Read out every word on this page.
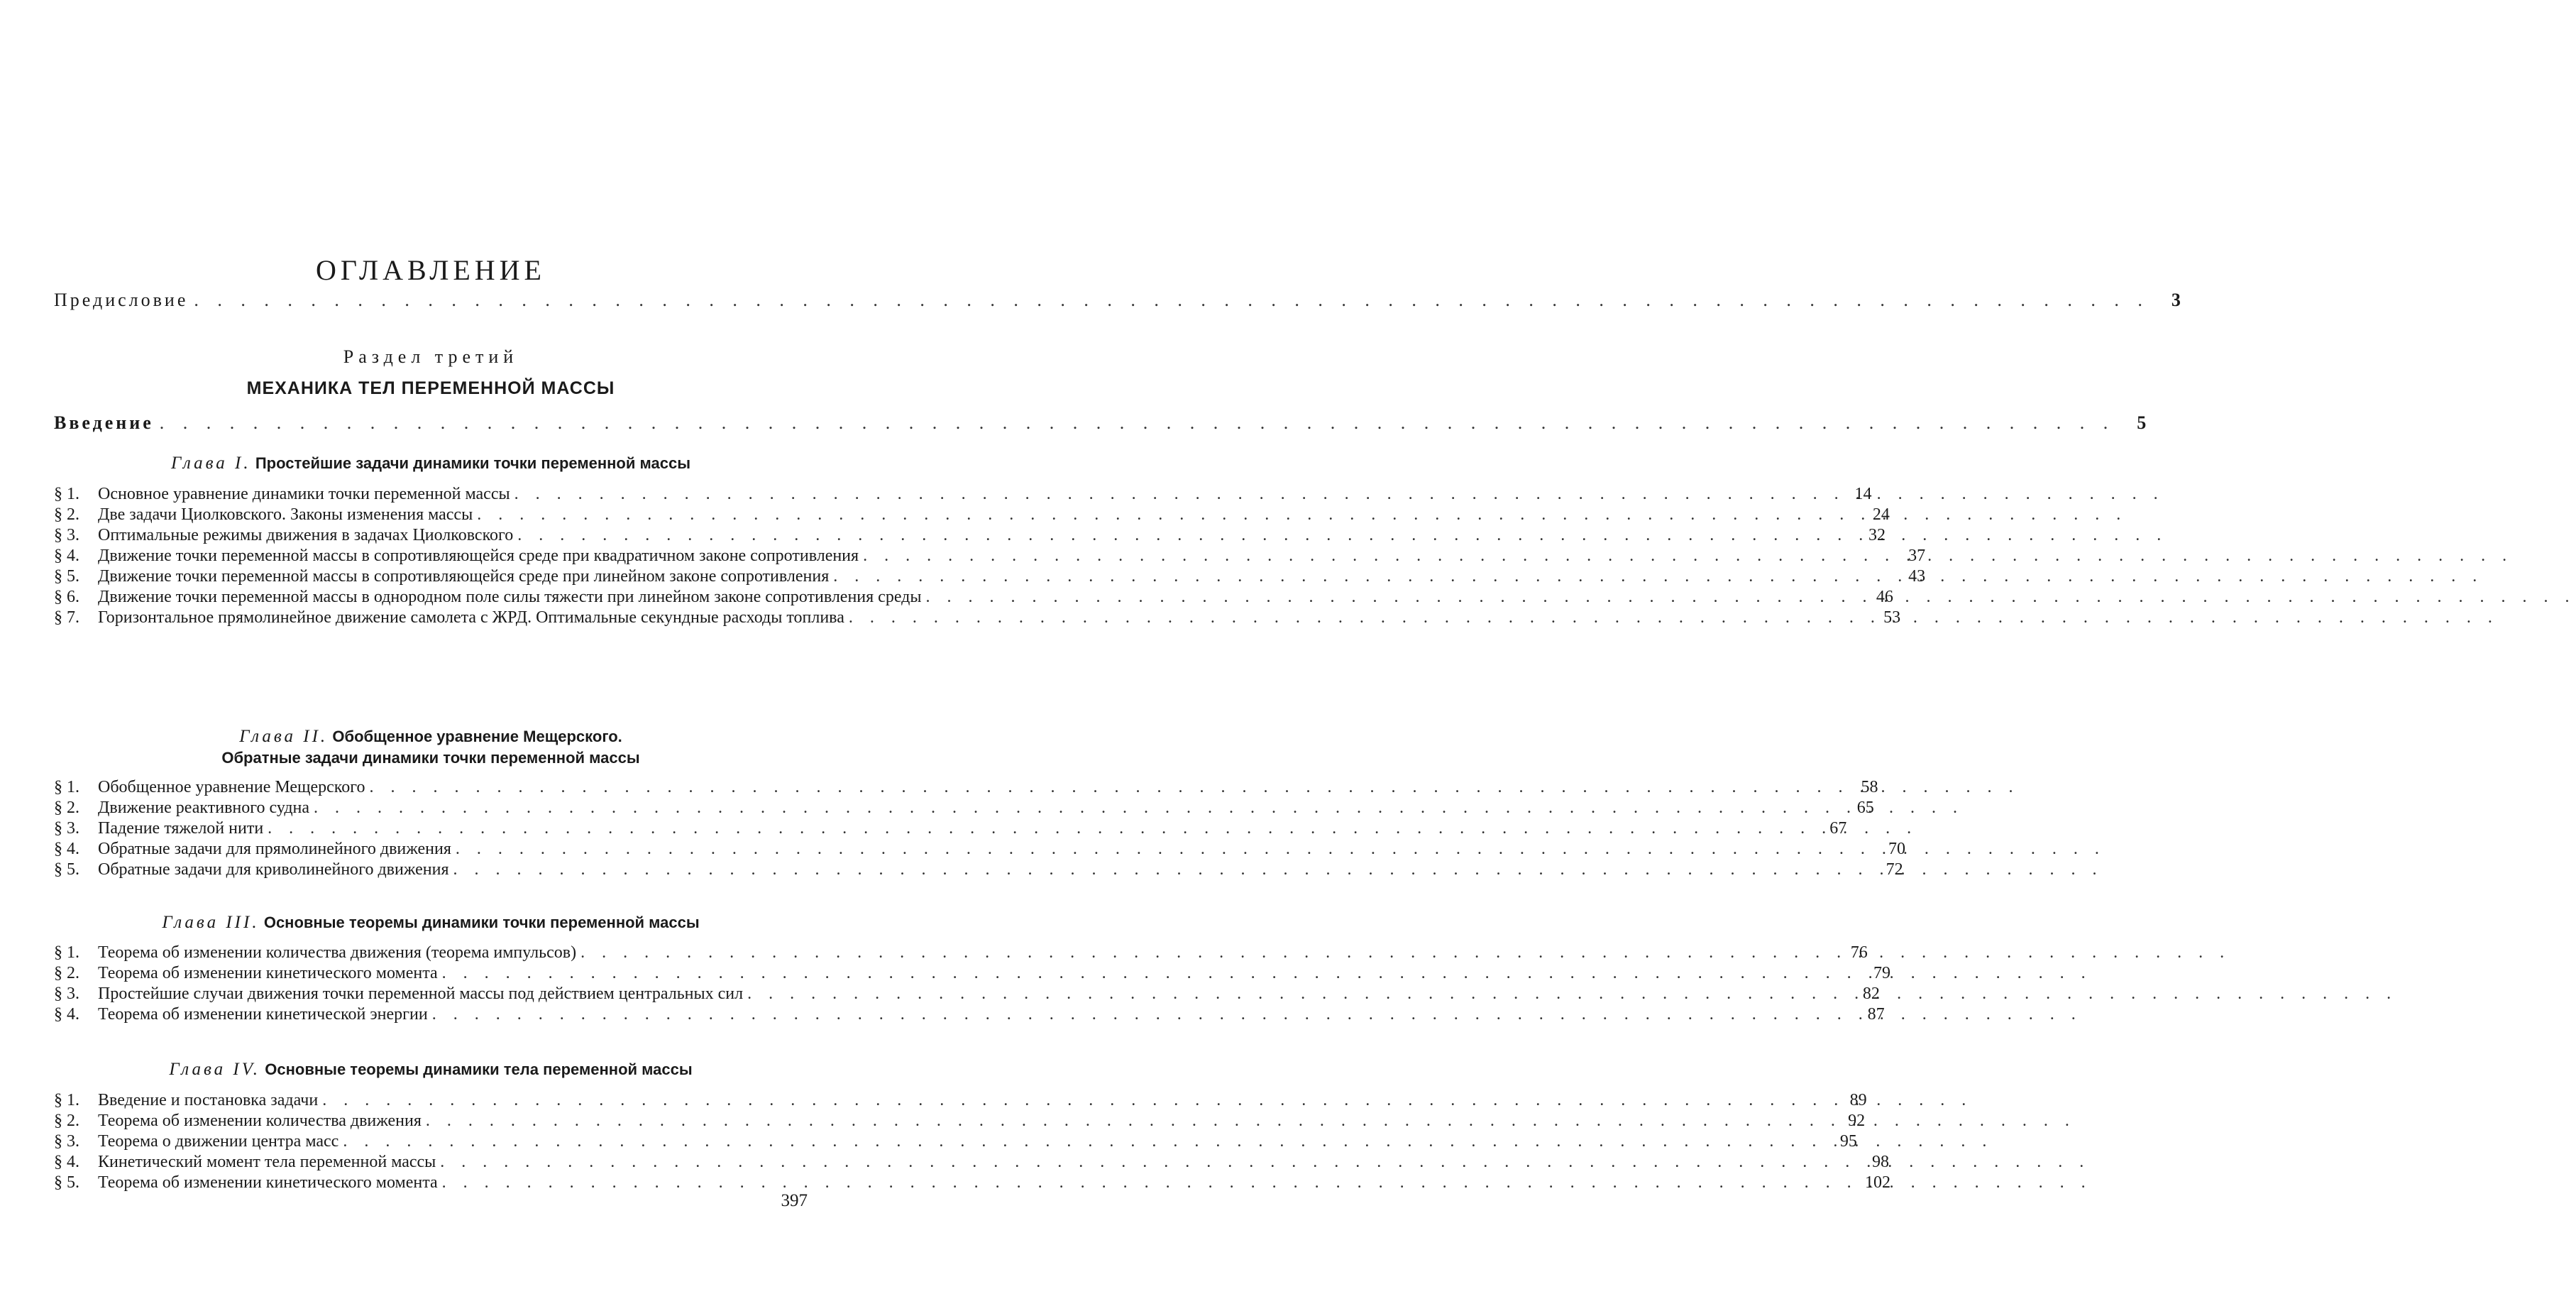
ОГЛАВЛЕНИЕ
Предисловие . . .	3
Раздел третий
МЕХАНИКА ТЕЛ ПЕРЕМЕННОЙ МАССЫ
Введение . . .	5
Глава I. Простейшие задачи динамики точки переменной массы
§ 1.	Основное уравнение динамики точки переменной массы . . .	14
§ 2.	Две задачи Циолковского. Законы изменения массы . . .	24
§ 3.	Оптимальные режимы движения в задачах Циолковского . . .	32
§ 4.	Движение точки переменной массы в сопротивляющейся среде при квадратичном законе сопротивления . . .	37
§ 5.	Движение точки переменной массы в сопротивляющейся среде при линейном законе сопротивления . . .	43
§ 6.	Движение точки переменной массы в однородном поле силы тяжести при линейном законе сопротивления среды . . .	46
§ 7.	Горизонтальное прямолинейное движение самолета с ЖРД. Оптимальные секундные расходы топлива . . .	53
Глава II. Обобщенное уравнение Мещерского.
Обратные задачи динамики точки переменной массы
§ 1.	Обобщенное уравнение Мещерского . . .	58
§ 2.	Движение реактивного судна . . .	65
§ 3.	Падение тяжелой нити . . .	67
§ 4.	Обратные задачи для прямолинейного движения . . .	70
§ 5.	Обратные задачи для криволинейного движения . . .	72
Глава III. Основные теоремы динамики точки переменной массы
§ 1.	Теорема об изменении количества движения (теорема импульсов) . . .	76
§ 2.	Теорема об изменении кинетического момента . . .	79
§ 3.	Простейшие случаи движения точки переменной массы под действием центральных сил . . .	82
§ 4.	Теорема об изменении кинетической энергии . . .	87
Глава IV. Основные теоремы динамики тела переменной массы
§ 1.	Введение и постановка задачи . . .	89
§ 2.	Теорема об изменении количества движения . . .	92
§ 3.	Теорема о движении центра масс . . .	95
§ 4.	Кинетический момент тела переменной массы . . .	98
§ 5.	Теорема об изменении кинетического момента . . .	102
397
